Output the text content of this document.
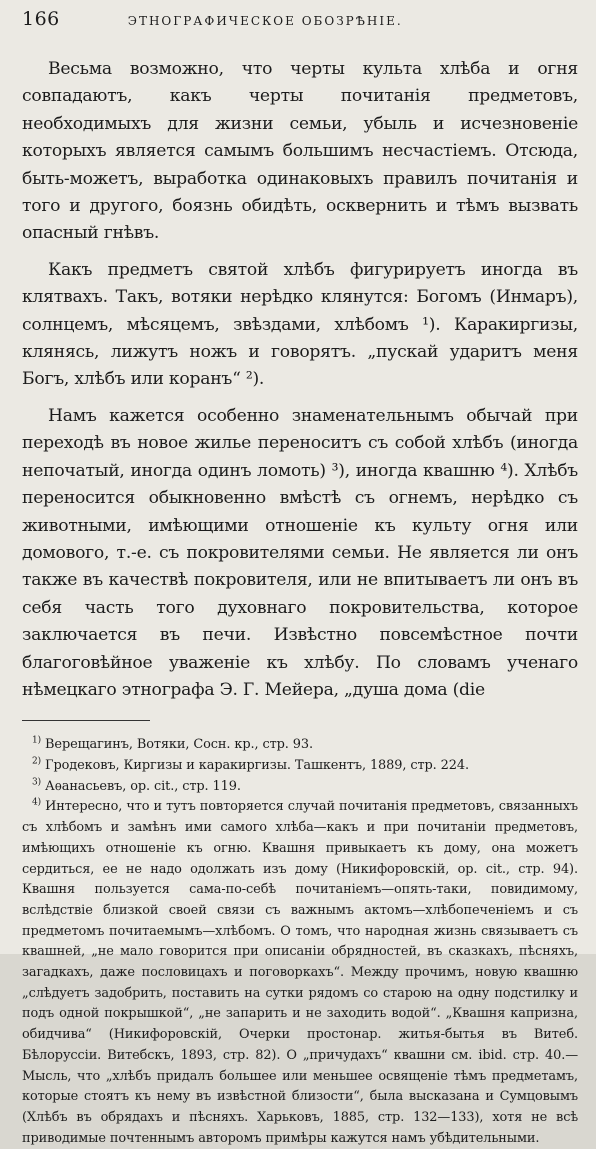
166	ЭТНОГРАФИЧЕСКОЕ ОБОЗРѢНІЕ.

Весьма возможно, что черты культа хлѣба и огня совпадаютъ, какъ черты почитанія предметовъ, необходимыхъ для жизни семьи, убыль и исчезновеніе которыхъ является самымъ большимъ несчастіемъ. Отсюда, быть-можетъ, выработка одинаковыхъ правилъ почитанія и того и другого, боязнь обидѣть, осквернить и тѣмъ вызвать опасный гнѣвъ.

Какъ предметъ святой хлѣбъ фигурируетъ иногда въ клятвахъ. Такъ, вотяки нерѣдко клянутся: Богомъ (Инмаръ), солнцемъ, мѣсяцемъ, звѣздами, хлѣбомъ ¹). Каракиргизы, клянясь, лижутъ ножъ и говорятъ. „пускай ударитъ меня Богъ, хлѣбъ или коранъ“ ²).

Намъ кажется особенно знаменательнымъ обычай при переходѣ въ новое жилье переноситъ съ собой хлѣбъ (иногда непочатый, иногда одинъ ломоть) ³), иногда квашню ⁴). Хлѣбъ переносится обыкновенно вмѣстѣ съ огнемъ, нерѣдко съ животными, имѣющими отношеніе къ культу огня или домового, т.-е. съ покровителями семьи. Не является ли онъ также въ качествѣ покровителя, или не впитываетъ ли онъ въ себя часть того духовнаго покровительства, которое заключается въ печи. Извѣстно повсемѣстное почти благоговѣйное уваженіе къ хлѣбу. По словамъ ученаго нѣмецкаго этнографа Э. Г. Мейера, „душа дома (die

$^{1)}$ Верещагинъ, Вотяки, Сосн. кр., стр. 93.

$^{2)}$ Гродековъ, Киргизы и каракиргизы. Ташкентъ, 1889, стр. 224.

$^{3)}$ Аѳанасьевъ, ор. cit., стр. 119.

$^{4)}$ Интересно, что и тутъ повторяется случай почитанія предметовъ, связанныхъ съ хлѣбомъ и замѣнъ ими самого хлѣба—какъ и при почитаніи предметовъ, имѣющихъ отношеніе къ огню. Квашня привыкаетъ къ дому, она можетъ сердиться, ее не надо одолжать изъ дому (Никифоровскій, ор. cit., стр. 94). Квашня пользуется сама-по-себѣ почитаніемъ—опять-таки, повидимому, вслѣдствіе близкой своей связи съ важнымъ актомъ—хлѣбопеченіемъ и съ предметомъ почитаемымъ—хлѣбомъ. О томъ, что народная жизнь связываетъ съ квашней, „не мало говорится при описаніи обрядностей, въ сказкахъ, пѣсняхъ, загадкахъ, даже пословицахъ и поговоркахъ“. Между прочимъ, новую квашню „слѣдуетъ задобрить, поставить на сутки рядомъ со старою на одну подстилку и подъ одной покрышкой“, „не запарить и не заходить водой“. „Квашня капризна, обидчива“ (Никифоровскій, Очерки простонар. житья-бытья въ Витеб. Бѣлоруссіи. Витебскъ, 1893, стр. 82). О „причудахъ“ квашни см. ibid. стр. 40.—Мысль, что „хлѣбъ придалъ большее или меньшее освященіе тѣмъ предметамъ, которые стоятъ къ нему въ извѣстной близости“, была высказана и Сумцовымъ (Хлѣбъ въ обрядахъ и пѣсняхъ. Харьковъ, 1885, стр. 132—133), хотя не всѣ приводимые почтеннымъ авторомъ примѣры кажутся намъ убѣдительными.
